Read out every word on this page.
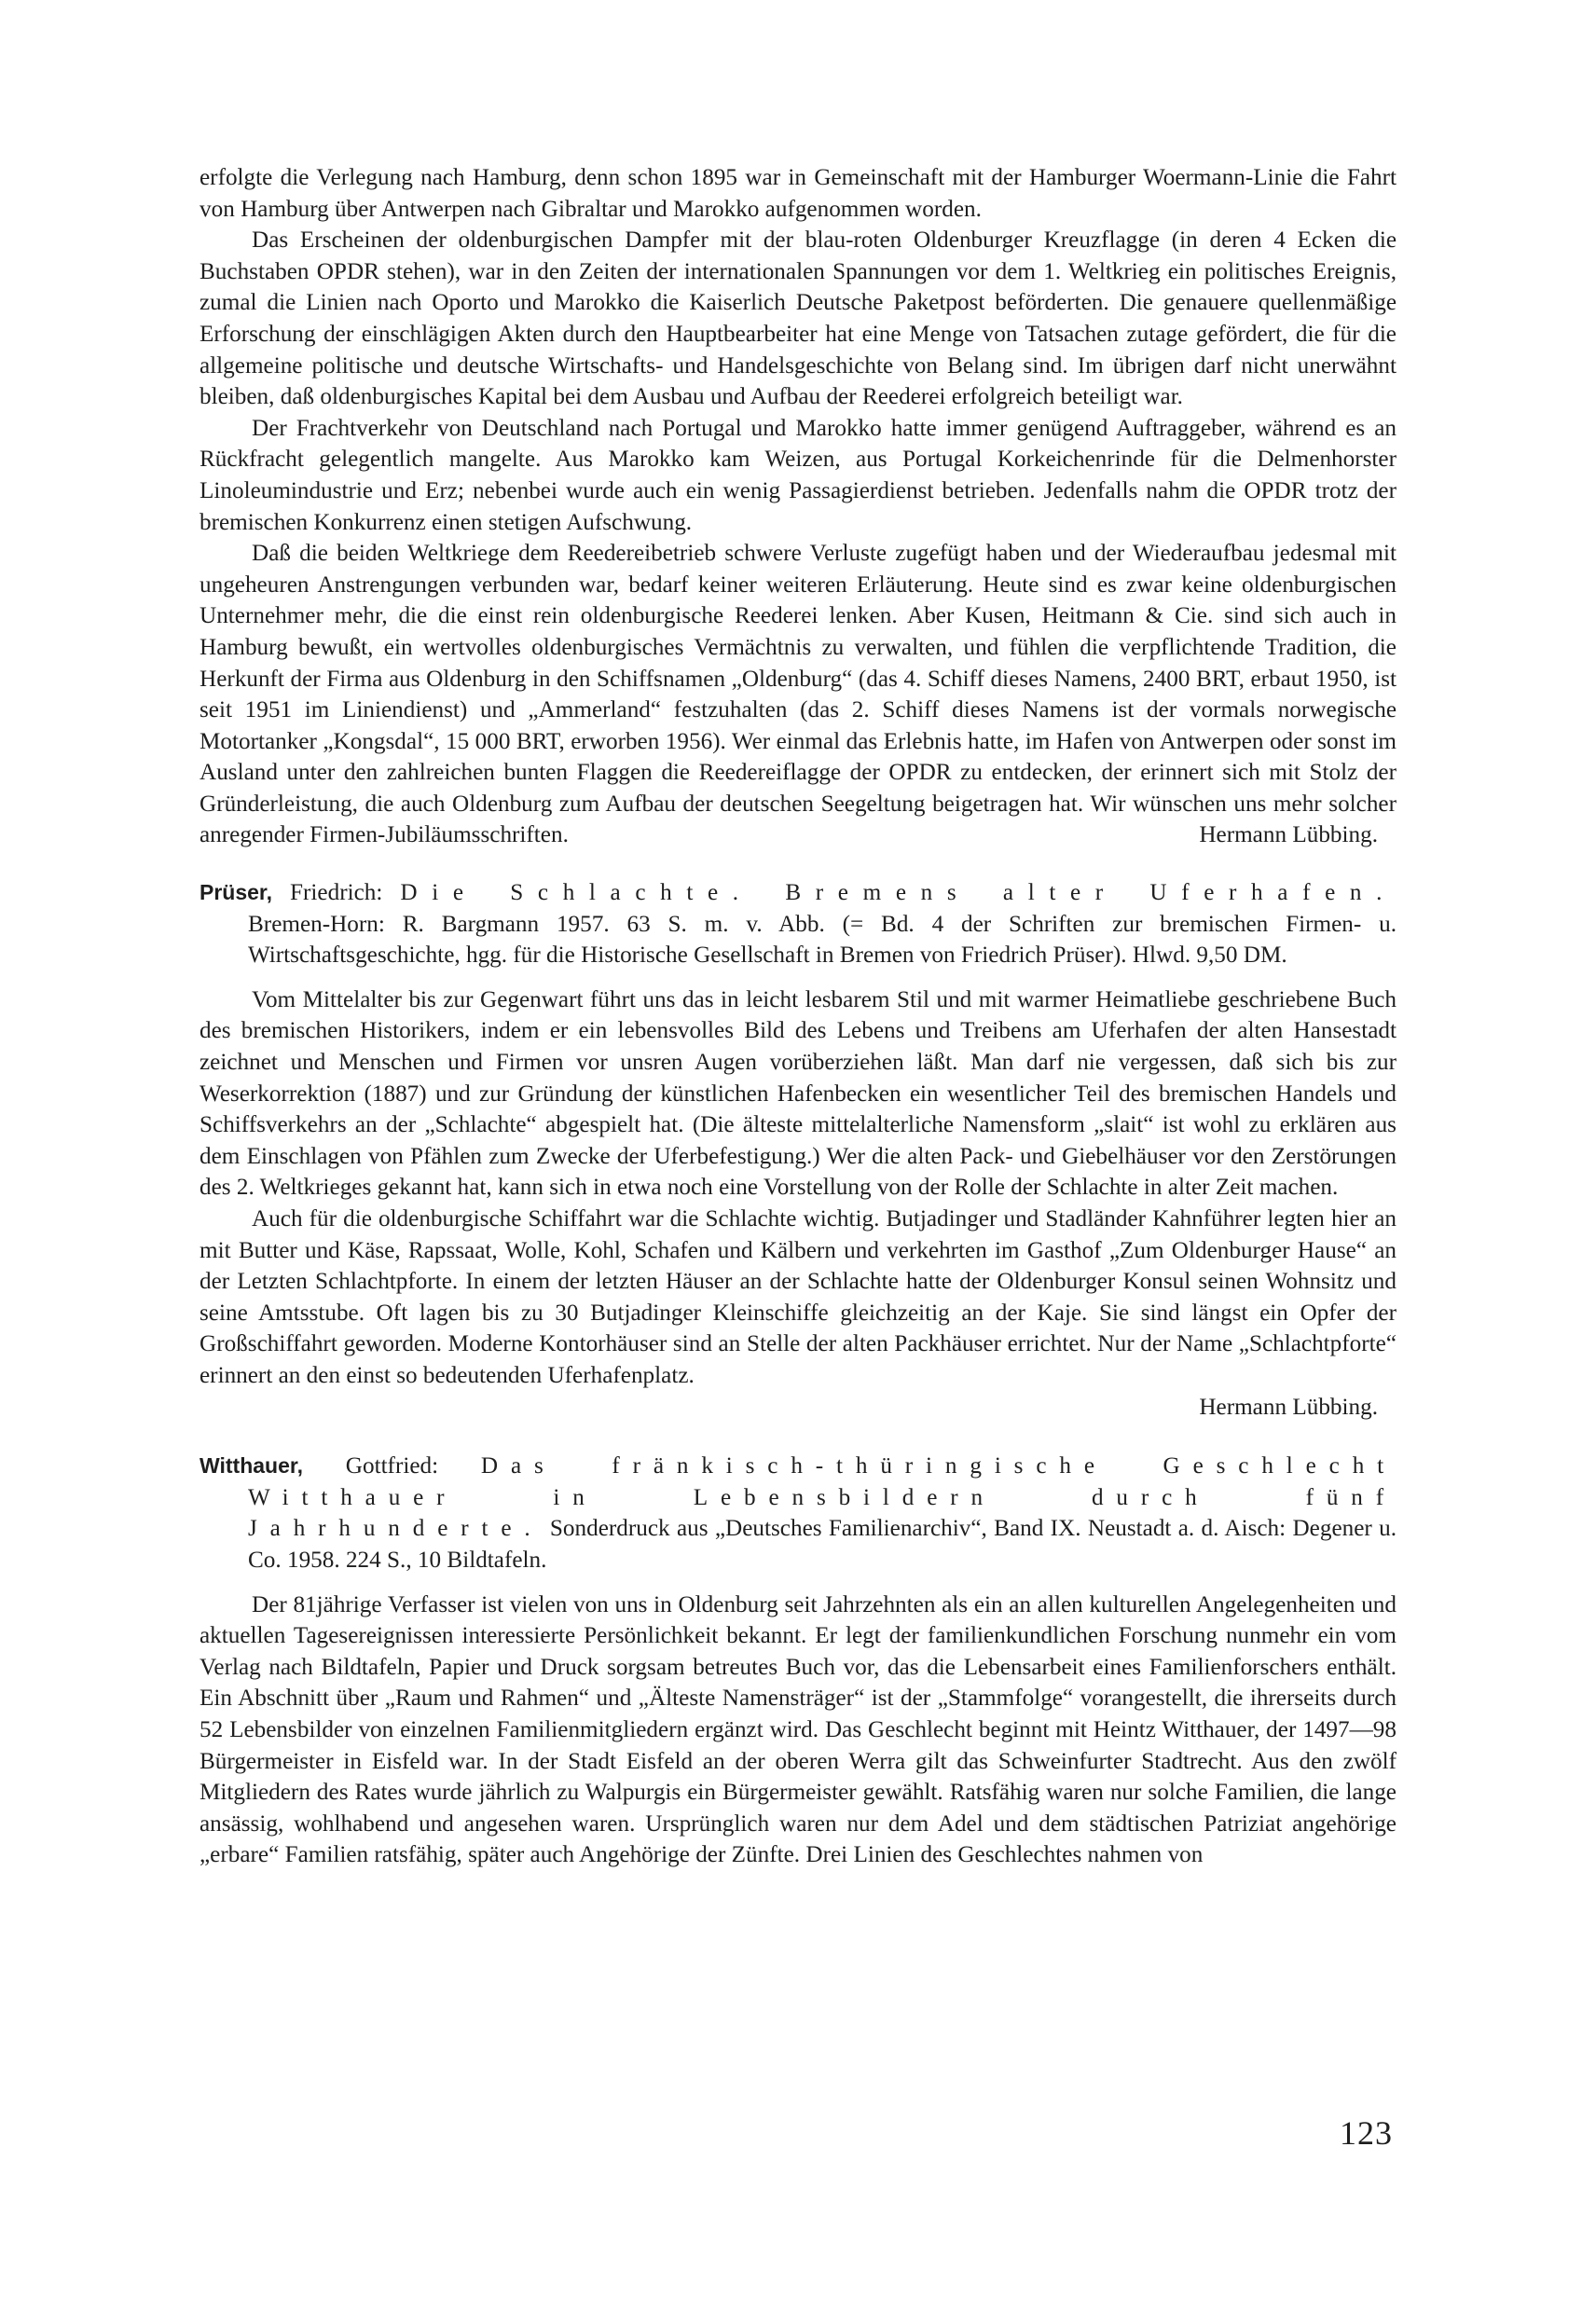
erfolgte die Verlegung nach Hamburg, denn schon 1895 war in Gemeinschaft mit der Hamburger Woermann-Linie die Fahrt von Hamburg über Antwerpen nach Gibraltar und Marokko aufgenommen worden.

Das Erscheinen der oldenburgischen Dampfer mit der blau-roten Oldenburger Kreuzflagge (in deren 4 Ecken die Buchstaben OPDR stehen), war in den Zeiten der internationalen Spannungen vor dem 1. Weltkrieg ein politisches Ereignis, zumal die Linien nach Oporto und Marokko die Kaiserlich Deutsche Paketpost beförderten. Die genauere quellenmäßige Erforschung der einschlägigen Akten durch den Hauptbearbeiter hat eine Menge von Tatsachen zutage gefördert, die für die allgemeine politische und deutsche Wirtschafts- und Handelsgeschichte von Belang sind. Im übrigen darf nicht unerwähnt bleiben, daß oldenburgisches Kapital bei dem Ausbau und Aufbau der Reederei erfolgreich beteiligt war.

Der Frachtverkehr von Deutschland nach Portugal und Marokko hatte immer genügend Auftraggeber, während es an Rückfracht gelegentlich mangelte. Aus Marokko kam Weizen, aus Portugal Korkeichenrinde für die Delmenhorster Linoleumindustrie und Erz; nebenbei wurde auch ein wenig Passagierdienst betrieben. Jedenfalls nahm die OPDR trotz der bremischen Konkurrenz einen stetigen Aufschwung.

Daß die beiden Weltkriege dem Reedereibetrieb schwere Verluste zugefügt haben und der Wiederaufbau jedesmal mit ungeheuren Anstrengungen verbunden war, bedarf keiner weiteren Erläuterung. Heute sind es zwar keine oldenburgischen Unternehmer mehr, die die einst rein oldenburgische Reederei lenken. Aber Kusen, Heitmann & Cie. sind sich auch in Hamburg bewußt, ein wertvolles oldenburgisches Vermächtnis zu verwalten, und fühlen die verpflichtende Tradition, die Herkunft der Firma aus Oldenburg in den Schiffsnamen „Oldenburg“ (das 4. Schiff dieses Namens, 2400 BRT, erbaut 1950, ist seit 1951 im Liniendienst) und „Ammerland“ festzuhalten (das 2. Schiff dieses Namens ist der vormals norwegische Motortanker „Kongsdal“, 15 000 BRT, erworben 1956). Wer einmal das Erlebnis hatte, im Hafen von Antwerpen oder sonst im Ausland unter den zahlreichen bunten Flaggen die Reedereiflagge der OPDR zu entdecken, der erinnert sich mit Stolz der Gründerleistung, die auch Oldenburg zum Aufbau der deutschen Seegeltung beigetragen hat. Wir wünschen uns mehr solcher anregender Firmen-Jubiläumsschriften.	Hermann Lübbing.

Prüser, Friedrich: Die Schlachte. Bremens alter Uferhafen. Bremen-Horn: R. Bargmann 1957. 63 S. m. v. Abb. (= Bd. 4 der Schriften zur bremischen Firmen- u. Wirtschaftsgeschichte, hgg. für die Historische Gesellschaft in Bremen von Friedrich Prüser). Hlwd. 9,50 DM.

Vom Mittelalter bis zur Gegenwart führt uns das in leicht lesbarem Stil und mit warmer Heimatliebe geschriebene Buch des bremischen Historikers, indem er ein lebensvolles Bild des Lebens und Treibens am Uferhafen der alten Hansestadt zeichnet und Menschen und Firmen vor unsren Augen vorüberziehen läßt. Man darf nie vergessen, daß sich bis zur Weserkorrektion (1887) und zur Gründung der künstlichen Hafenbecken ein wesentlicher Teil des bremischen Handels und Schiffsverkehrs an der „Schlachte“ abgespielt hat. (Die älteste mittelalterliche Namensform „slait“ ist wohl zu erklären aus dem Einschlagen von Pfählen zum Zwecke der Uferbefestigung.) Wer die alten Pack- und Giebelhäuser vor den Zerstörungen des 2. Weltkrieges gekannt hat, kann sich in etwa noch eine Vorstellung von der Rolle der Schlachte in alter Zeit machen.

Auch für die oldenburgische Schiffahrt war die Schlachte wichtig. Butjadinger und Stadländer Kahnführer legten hier an mit Butter und Käse, Rapssaat, Wolle, Kohl, Schafen und Kälbern und verkehrten im Gasthof „Zum Oldenburger Hause“ an der Letzten Schlachtpforte. In einem der letzten Häuser an der Schlachte hatte der Oldenburger Konsul seinen Wohnsitz und seine Amtsstube. Oft lagen bis zu 30 Butjadinger Kleinschiffe gleichzeitig an der Kaje. Sie sind längst ein Opfer der Großschiffahrt geworden. Moderne Kontorhäuser sind an Stelle der alten Packhäuser errichtet. Nur der Name „Schlachtpforte“ erinnert an den einst so bedeutenden Uferhafenplatz.

Hermann Lübbing.

Witthauer, Gottfried: Das fränkisch-thüringische Geschlecht Witthauer in Lebensbildern durch fünf Jahrhunderte. Sonderdruck aus „Deutsches Familienarchiv“, Band IX. Neustadt a. d. Aisch: Degener u. Co. 1958. 224 S., 10 Bildtafeln.

Der 81jährige Verfasser ist vielen von uns in Oldenburg seit Jahrzehnten als ein an allen kulturellen Angelegenheiten und aktuellen Tagesereignissen interessierte Persönlichkeit bekannt. Er legt der familienkundlichen Forschung nunmehr ein vom Verlag nach Bildtafeln, Papier und Druck sorgsam betreutes Buch vor, das die Lebensarbeit eines Familienforschers enthält. Ein Abschnitt über „Raum und Rahmen“ und „Älteste Namensträger“ ist der „Stammfolge“ vorangestellt, die ihrerseits durch 52 Lebensbilder von einzelnen Familienmitgliedern ergänzt wird. Das Geschlecht beginnt mit Heintz Witthauer, der 1497—98 Bürgermeister in Eisfeld war. In der Stadt Eisfeld an der oberen Werra gilt das Schweinfurter Stadtrecht. Aus den zwölf Mitgliedern des Rates wurde jährlich zu Walpurgis ein Bürgermeister gewählt. Ratsfähig waren nur solche Familien, die lange ansässig, wohlhabend und angesehen waren. Ursprünglich waren nur dem Adel und dem städtischen Patriziat angehörige „erbare“ Familien ratsfähig, später auch Angehörige der Zünfte. Drei Linien des Geschlechtes nahmen von

123
